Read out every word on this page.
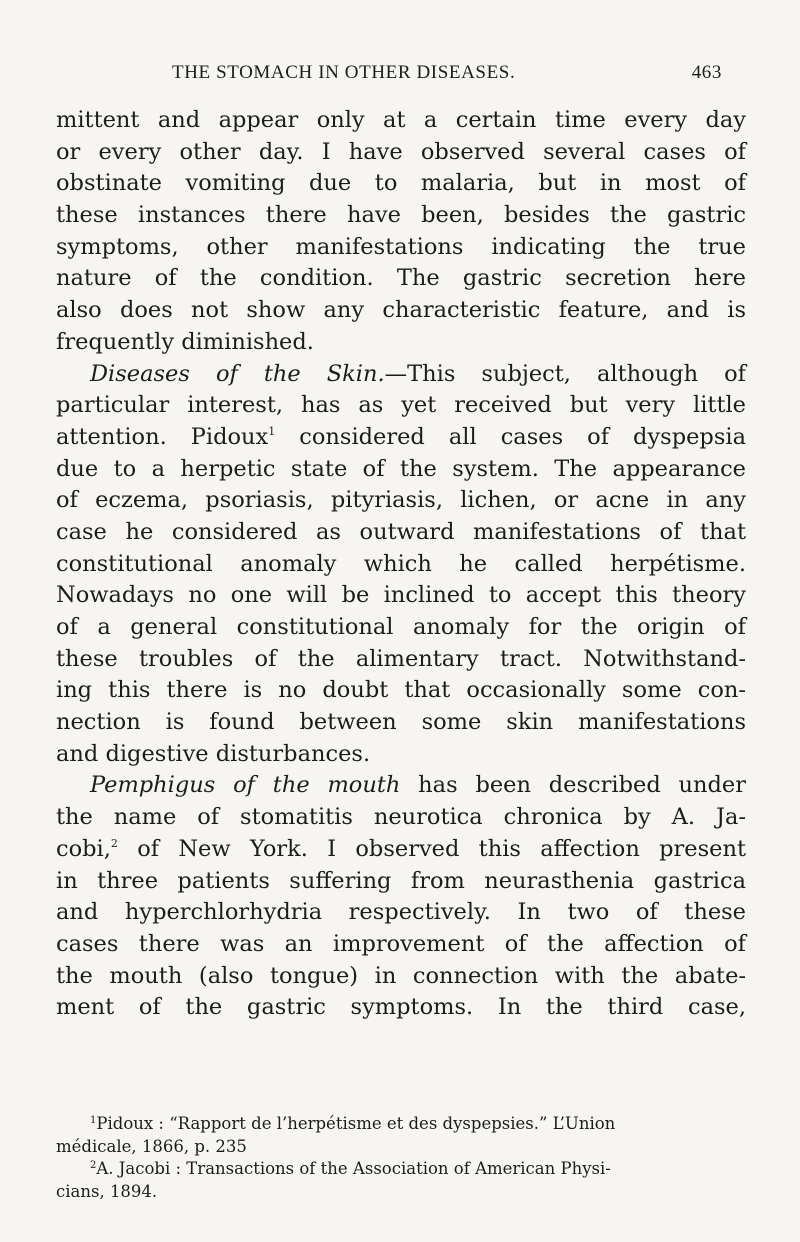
THE STOMACH IN OTHER DISEASES.	463
mittent and appear only at a certain time every day
or every other day. I have observed several cases of
obstinate vomiting due to malaria, but in most of
these instances there have been, besides the gastric
symptoms, other manifestations indicating the true
nature of the condition. The gastric secretion here
also does not show any characteristic feature, and is
frequently diminished.
Diseases of the Skin.—This subject, although of
particular interest, has as yet received but very little
attention. Pidoux$^1$ considered all cases of dyspepsia
due to a herpetic state of the system. The appearance
of eczema, psoriasis, pityriasis, lichen, or acne in any
case he considered as outward manifestations of that
constitutional anomaly which he called herpétisme.
Nowadays no one will be inclined to accept this theory
of a general constitutional anomaly for the origin of
these troubles of the alimentary tract. Notwithstand-
ing this there is no doubt that occasionally some con-
nection is found between some skin manifestations
and digestive disturbances.
Pemphigus of the mouth has been described under
the name of stomatitis neurotica chronica by A. Ja-
cobi,$^2$ of New York. I observed this affection present
in three patients suffering from neurasthenia gastrica
and hyperchlorhydria respectively. In two of these
cases there was an improvement of the affection of
the mouth (also tongue) in connection with the abate-
ment of the gastric symptoms. In the third case,
$^1$Pidoux : “Rapport de l’herpétisme et des dyspepsies.” L’Union
médicale, 1866, p. 235
$^2$A. Jacobi : Transactions of the Association of American Physi-
cians, 1894.
